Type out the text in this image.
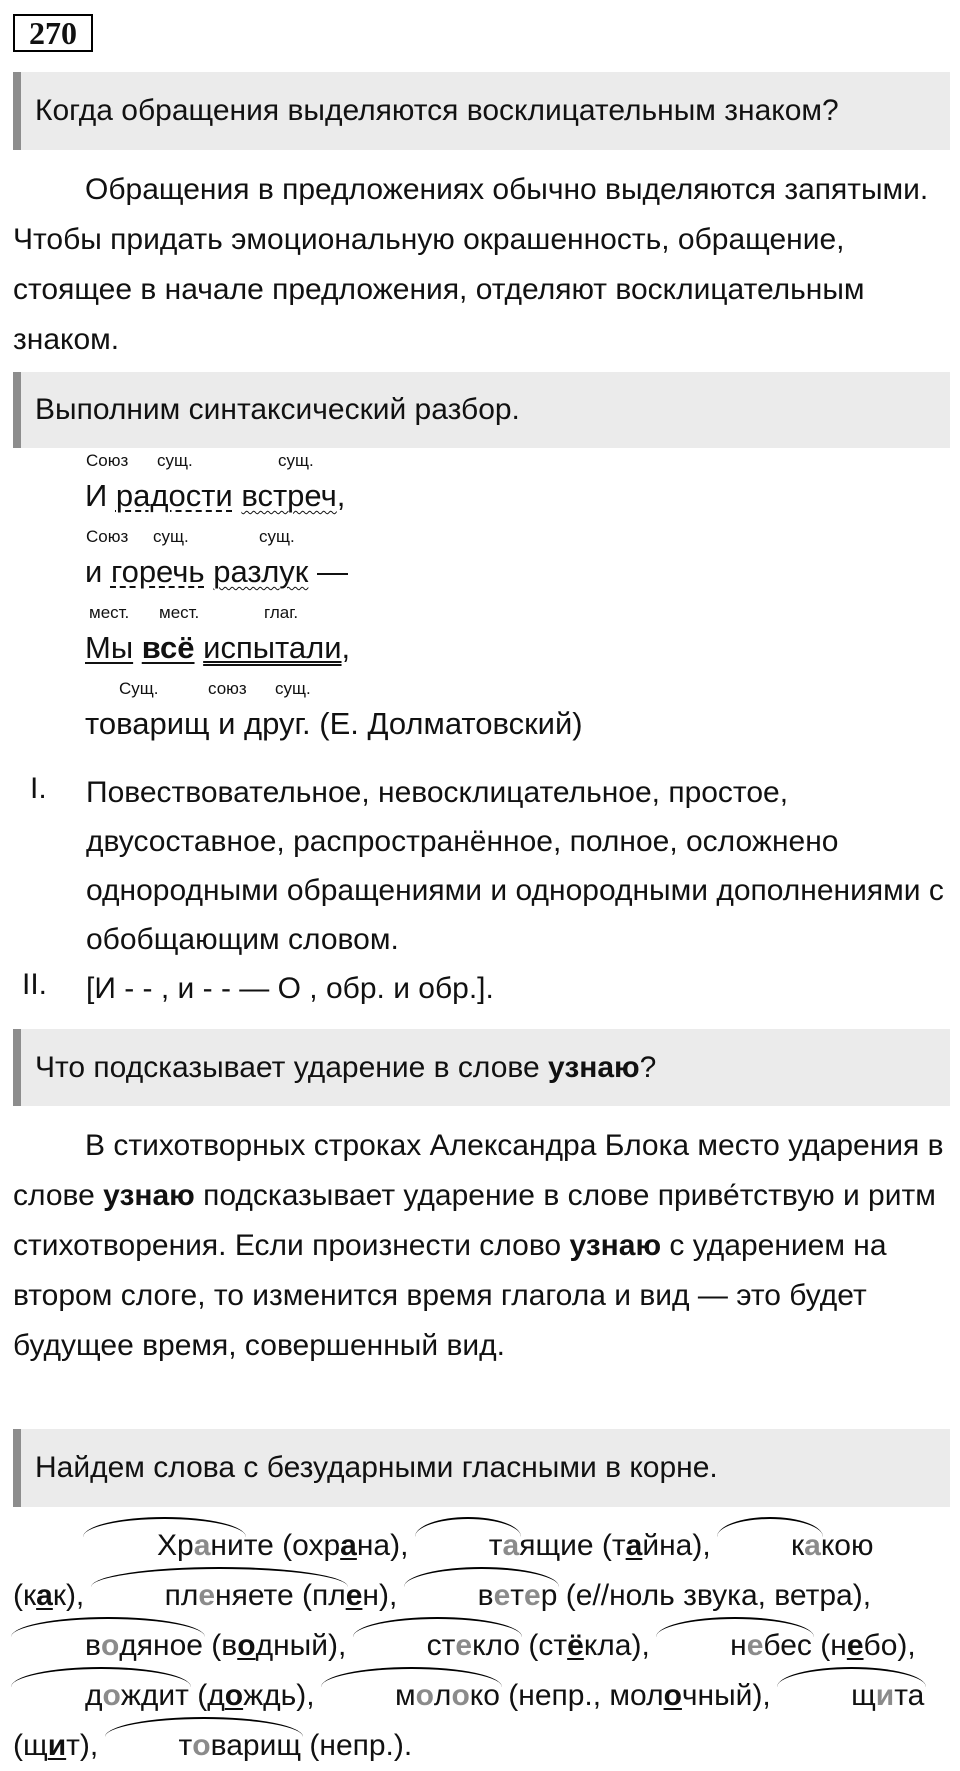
270
Когда обращения выделяются восклицательным знаком?

Обращения в предложениях обычно выделяются запятыми. Чтобы придать эмоциональную окрашенность, обращение, стоящее в начале предложения, отделяют восклицательным знаком.

Выполним синтаксический разбор.
Союз сущ.	сущ.
И радости встреч,
Союз сущ.	сущ.
и горечь разлук —
мест. мест.	глаг.
Мы всё испытали,
Сущ.	союз сущ.
товарищ и друг. (Е. Долматовский)
I. Повествовательное, невосклицательное, простое, двусоставное, распространённое, полное, осложнено однородными обращениями и однородными дополнениями с обобщающим словом.
II. [И - - , и - - — О , обр. и обр.].
Что подсказывает ударение в слове узнаю?

В стихотворных строках Александра Блока место ударения в слове узнаю подсказывает ударение в слове приве́тствую и ритм стихотворения. Если произнести слово узнаю с ударением на втором слоге, то изменится время глагола и вид — это будет будущее время, совершенный вид.

Найдем слова с безударными гласными в корне.

Храните (охрана), таящие (тайна), какою (как),	пленяете (плен), ветер (е//ноль звука, ветра), водяное (водный), стекло (стёкла), небес (небо), дождит (дождь),	молоко (непр., молочный), щита (щит), товарищ (непр.).
